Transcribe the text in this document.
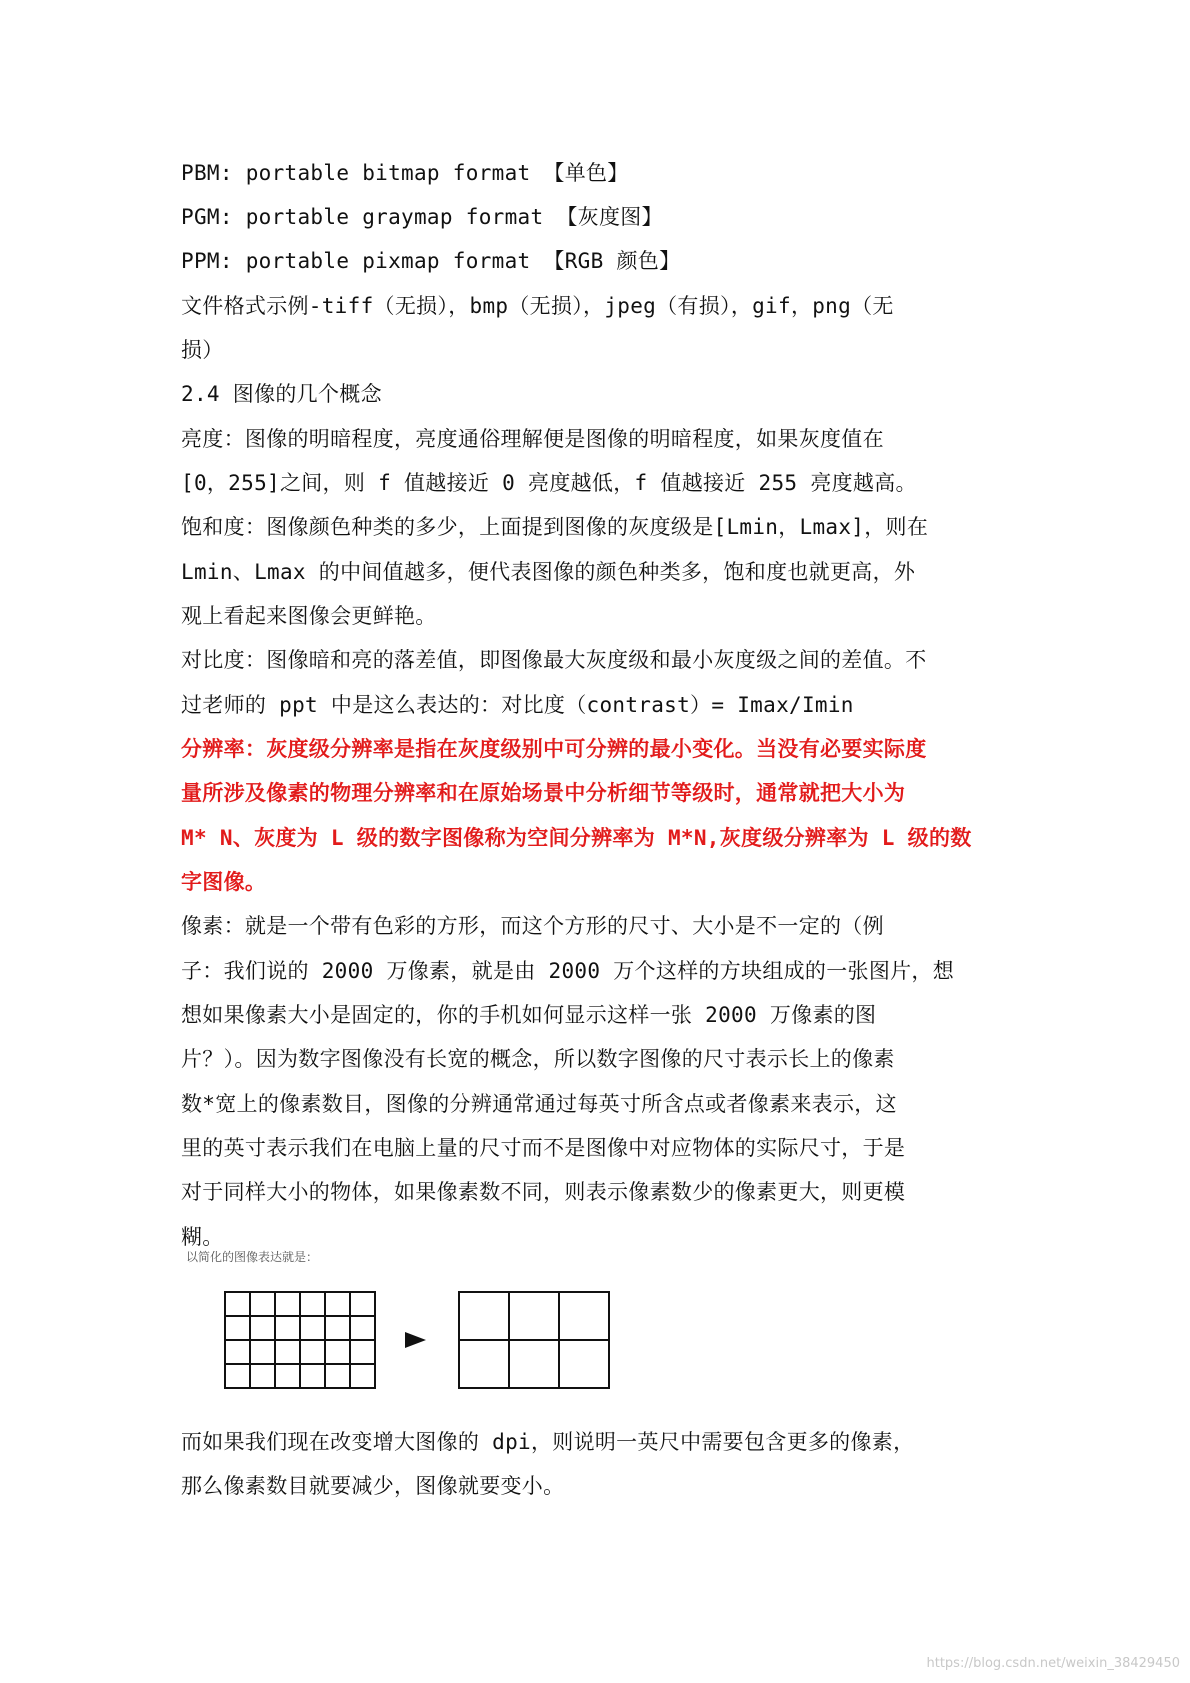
PBM: portable bitmap format 【单色】
PGM: portable graymap format 【灰度图】
PPM: portable pixmap format 【RGB 颜色】
文件格式示例-tiff（无损），bmp（无损），jpeg（有损），gif，png（无
损）
2.4 图像的几个概念
亮度：图像的明暗程度，亮度通俗理解便是图像的明暗程度，如果灰度值在
[0，255]之间，则 f 值越接近 0 亮度越低，f 值越接近 255 亮度越高。
饱和度：图像颜色种类的多少，上面提到图像的灰度级是[Lmin，Lmax]，则在
Lmin、Lmax 的中间值越多，便代表图像的颜色种类多，饱和度也就更高，外
观上看起来图像会更鲜艳。
对比度：图像暗和亮的落差值，即图像最大灰度级和最小灰度级之间的差值。不
过老师的 ppt 中是这么表达的：对比度（contrast）= Imax/Imin
分辨率：灰度级分辨率是指在灰度级别中可分辨的最小变化。当没有必要实际度
量所涉及像素的物理分辨率和在原始场景中分析细节等级时，通常就把大小为
M* N、灰度为 L 级的数字图像称为空间分辨率为 M*N,灰度级分辨率为 L 级的数
字图像。
像素：就是一个带有色彩的方形，而这个方形的尺寸、大小是不一定的（例
子：我们说的 2000 万像素，就是由 2000 万个这样的方块组成的一张图片，想
想如果像素大小是固定的，你的手机如何显示这样一张 2000 万像素的图
片？）。因为数字图像没有长宽的概念，所以数字图像的尺寸表示长上的像素
数*宽上的像素数目，图像的分辨通常通过每英寸所含点或者像素来表示，这
里的英寸表示我们在电脑上量的尺寸而不是图像中对应物体的实际尺寸，于是
对于同样大小的物体，如果像素数不同，则表示像素数少的像素更大，则更模
糊。
以简化的图像表达就是：
而如果我们现在改变增大图像的 dpi，则说明一英尺中需要包含更多的像素，
那么像素数目就要减少，图像就要变小。
https://blog.csdn.net/weixin_38429450
